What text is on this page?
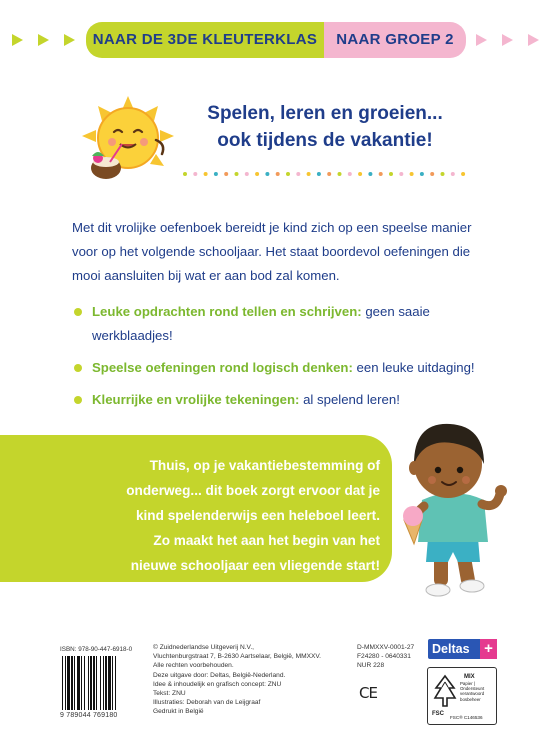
NAAR DE 3DE KLEUTERKLAS	NAAR GROEP 2
Spelen, leren en groeien...
ook tijdens de vakantie!

Met dit vrolijke oefenboek bereidt je kind zich op een speelse manier voor op het volgende schooljaar. Het staat boordevol oefeningen die mooi aansluiten bij wat er aan bod zal komen.

Leuke opdrachten rond tellen en schrijven: geen saaie werkblaadjes!
Speelse oefeningen rond logisch denken: een leuke uitdaging!
Kleurrijke en vrolijke tekeningen: al spelend leren!
Thuis, op je vakantiebestemming of
onderweg... dit boek zorgt ervoor dat je
kind spelenderwijs een heleboel leert.
Zo maakt het aan het begin van het
nieuwe schooljaar een vliegende start!
ISBN: 978-90-447-6918-0
9 789044 769180
© Zuidnederlandse Uitgeverij N.V.,
Vluchtenburgstraat 7, B-2630 Aartselaar, België, MMXXV.
Alle rechten voorbehouden.
Deze uitgave door: Deltas, België-Nederland.
Idee & inhoudelijk en grafisch concept: ZNU
Tekst: ZNU
Illustraties: Deborah van de Leijgraaf
Gedrukt in België
D-MMXXV-0001-27
F24280 - 0640331
NUR 228
Deltas +
CE
MIX
Papier | Ondersteunt verantwoord bosbeheer
FSC
FSC® C146536
